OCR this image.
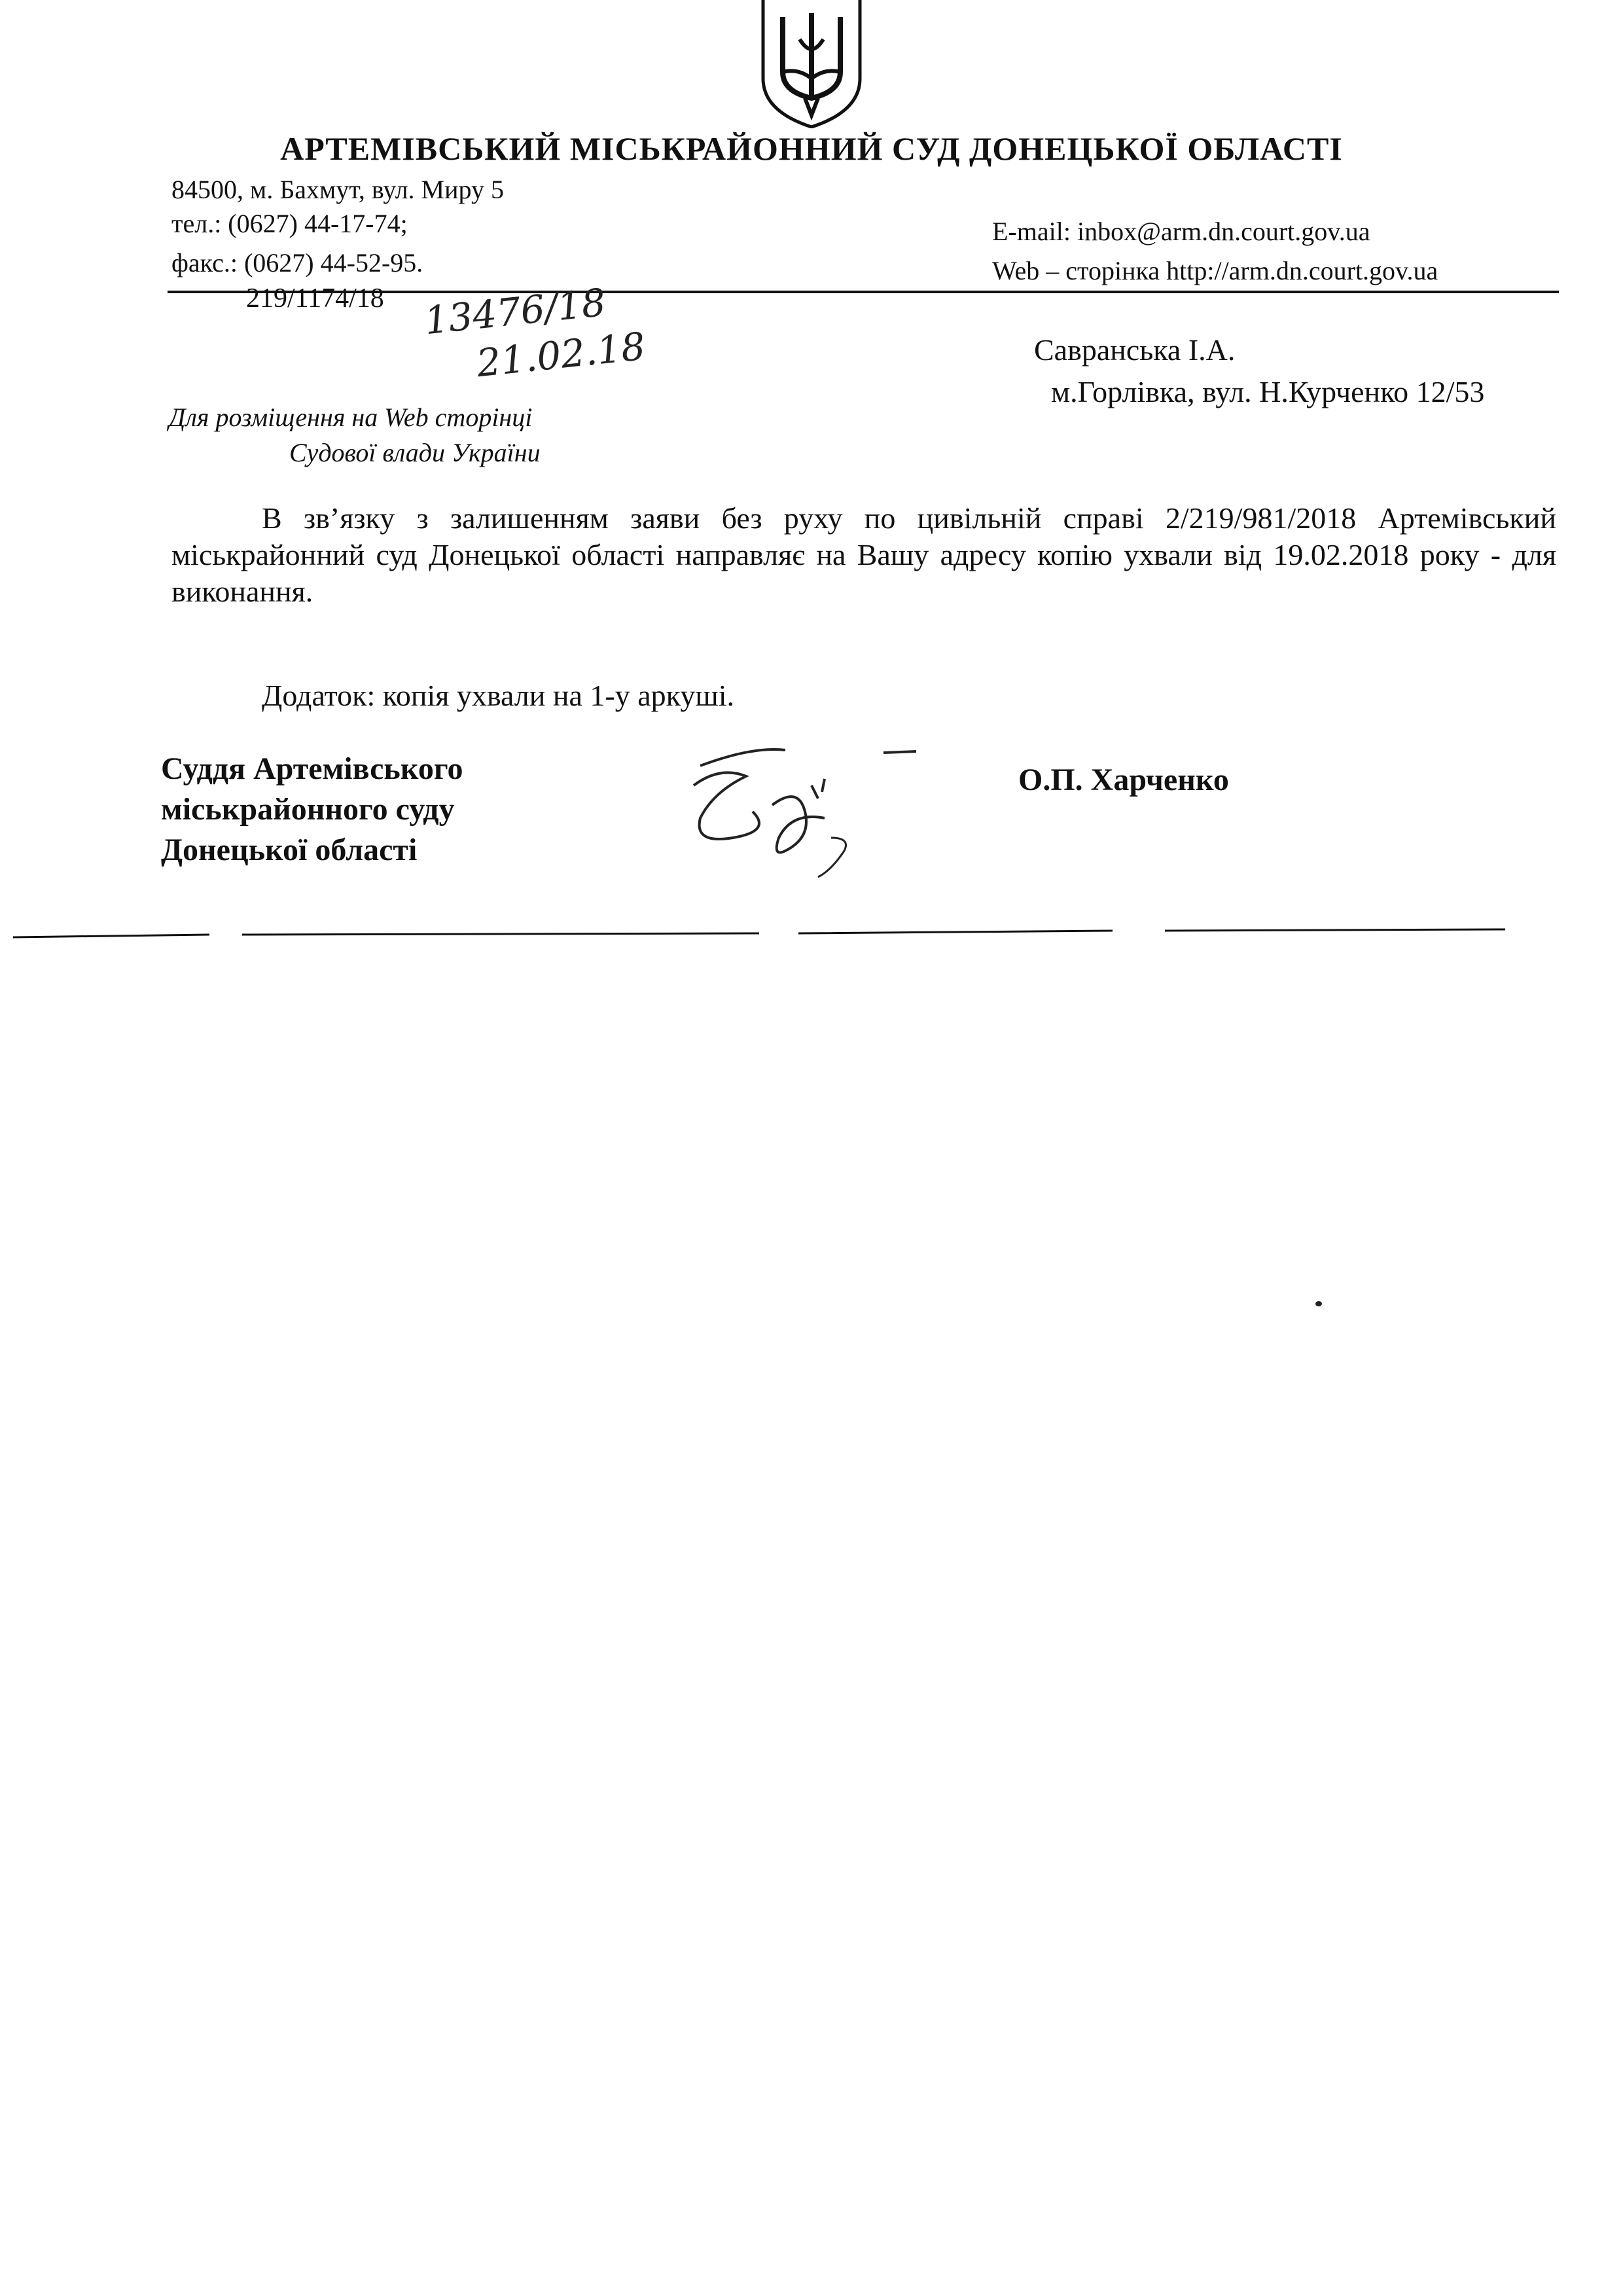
АРТЕМІВСЬКИЙ МІСЬКРАЙОННИЙ СУД ДОНЕЦЬКОЇ ОБЛАСТІ
84500, м. Бахмут, вул. Миру 5
тел.: (0627) 44-17-74;
факс.: (0627) 44-52-95.
E-mail: inbox@arm.dn.court.gov.ua
Web – сторінка http://arm.dn.court.gov.ua
219/1174/18 13476/18
21.02.18	Савранська І.А.
м.Горлівка, вул. Н.Курченко 12/53
Для розміщення на Web сторінці
Судової влади України
В зв’язку з залишенням заяви без руху по цивільній справі 2/219/981/2018 Артемівський міськрайонний суд Донецької області направляє на Вашу адресу копію ухвали від 19.02.2018 року - для виконання.
Додаток: копія ухвали на 1-у аркуші.
Суддя Артемівського
міськрайонного суду
Донецької області
О.П. Харченко
